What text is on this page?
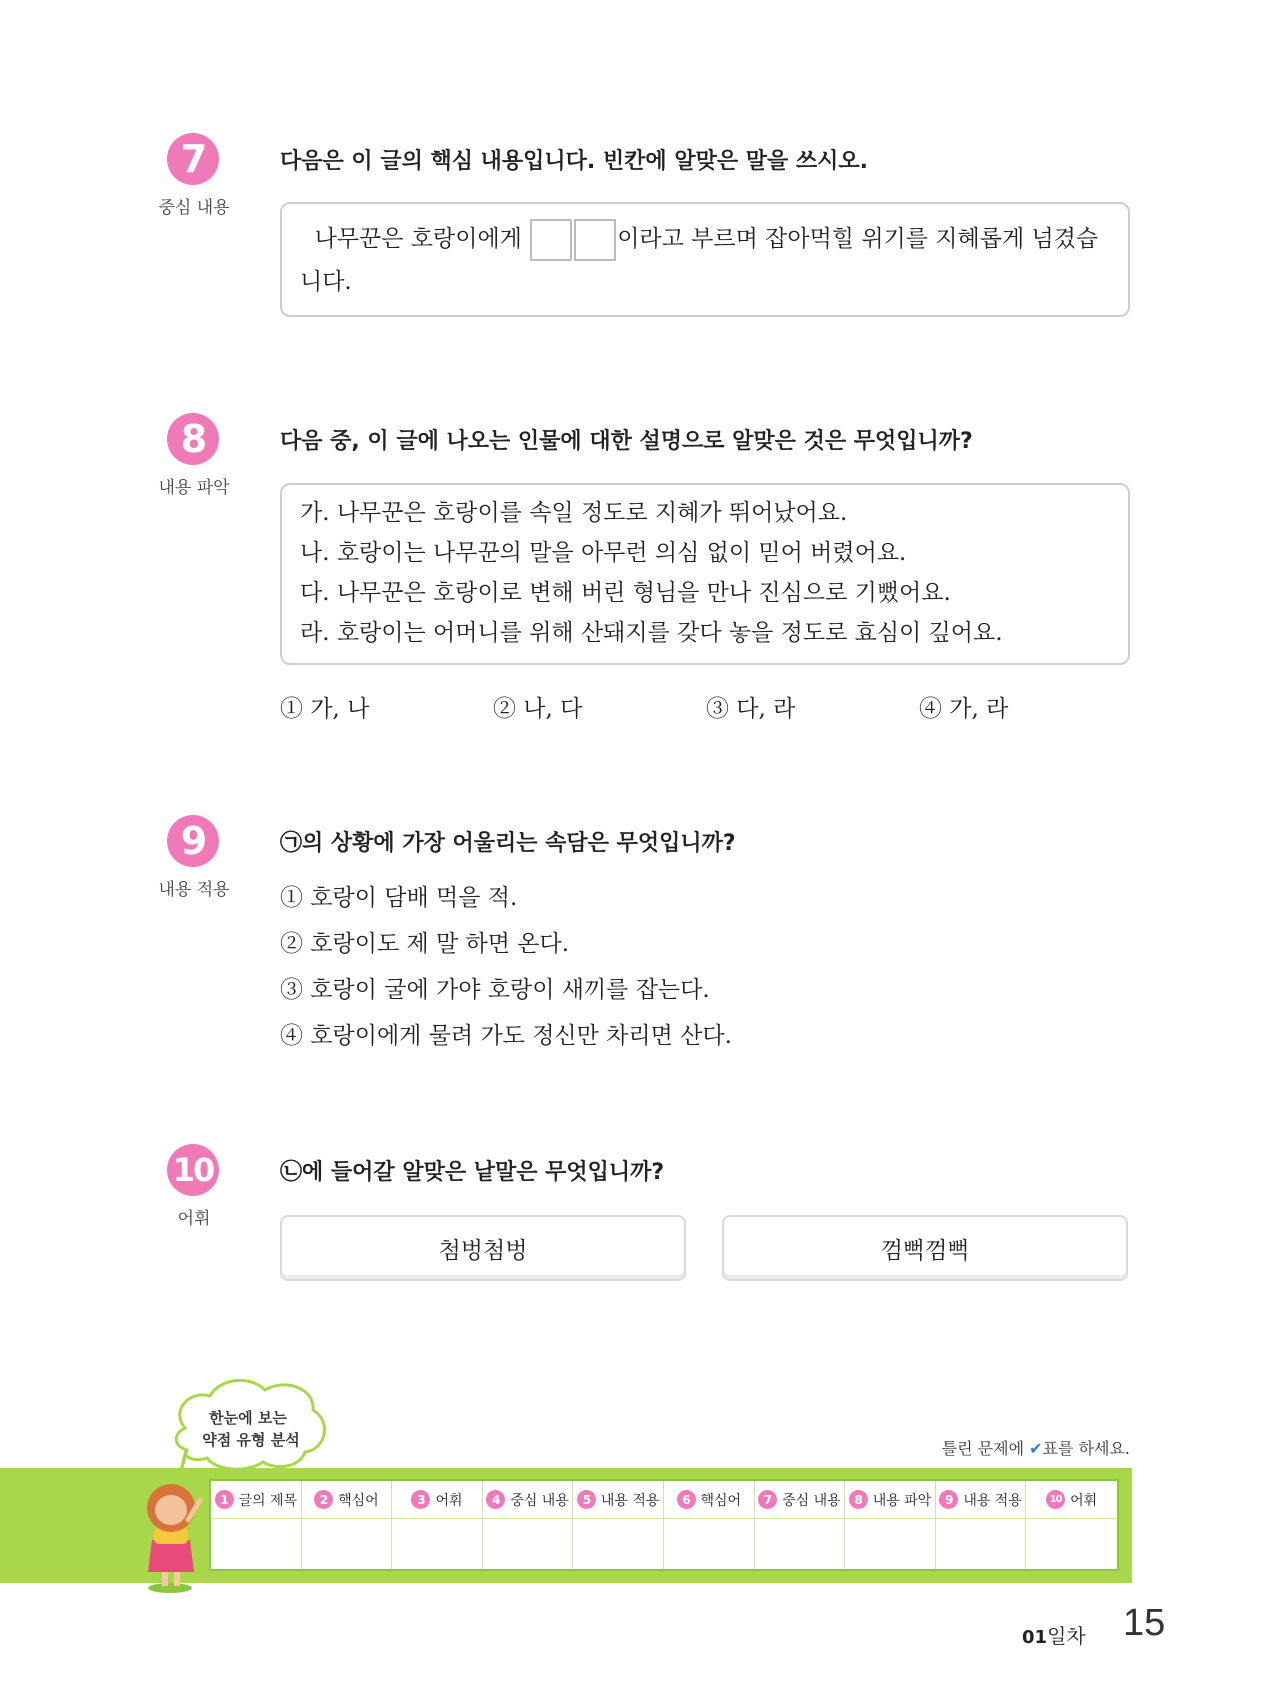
7
중심 내용
다음은 이 글의 핵심 내용입니다. 빈칸에 알맞은 말을 쓰시오.
나무꾼은 호랑이에게	이라고 부르며 잡아먹힐 위기를 지혜롭게 넘겼습니다.
8
내용 파악
다음 중, 이 글에 나오는 인물에 대한 설명으로 알맞은 것은 무엇입니까?
가. 나무꾼은 호랑이를 속일 정도로 지혜가 뛰어났어요.
나. 호랑이는 나무꾼의 말을 아무런 의심 없이 믿어 버렸어요.
다. 나무꾼은 호랑이로 변해 버린 형님을 만나 진심으로 기뻤어요.
라. 호랑이는 어머니를 위해 산돼지를 갖다 놓을 정도로 효심이 깊어요.
① 가, 나	② 나, 다	③ 다, 라	④ 가, 라
9
내용 적용
㉠의 상황에 가장 어울리는 속담은 무엇입니까?
① 호랑이 담배 먹을 적.
② 호랑이도 제 말 하면 온다.
③ 호랑이 굴에 가야 호랑이 새끼를 잡는다.
④ 호랑이에게 물려 가도 정신만 차리면 산다.
10
어휘
㉡에 들어갈 알맞은 낱말은 무엇입니까?
첨벙첨벙	껌뻑껌뻑
한눈에 보는
약점 유형 분석	틀린 문제에 ✔표를 하세요.
1 글의 제목	2 핵심어	3 어휘	4 중심 내용	5 내용 적용	6 핵심어	7 중심 내용	8 내용 파악	9 내용 적용	10 어휘
01일차 15
